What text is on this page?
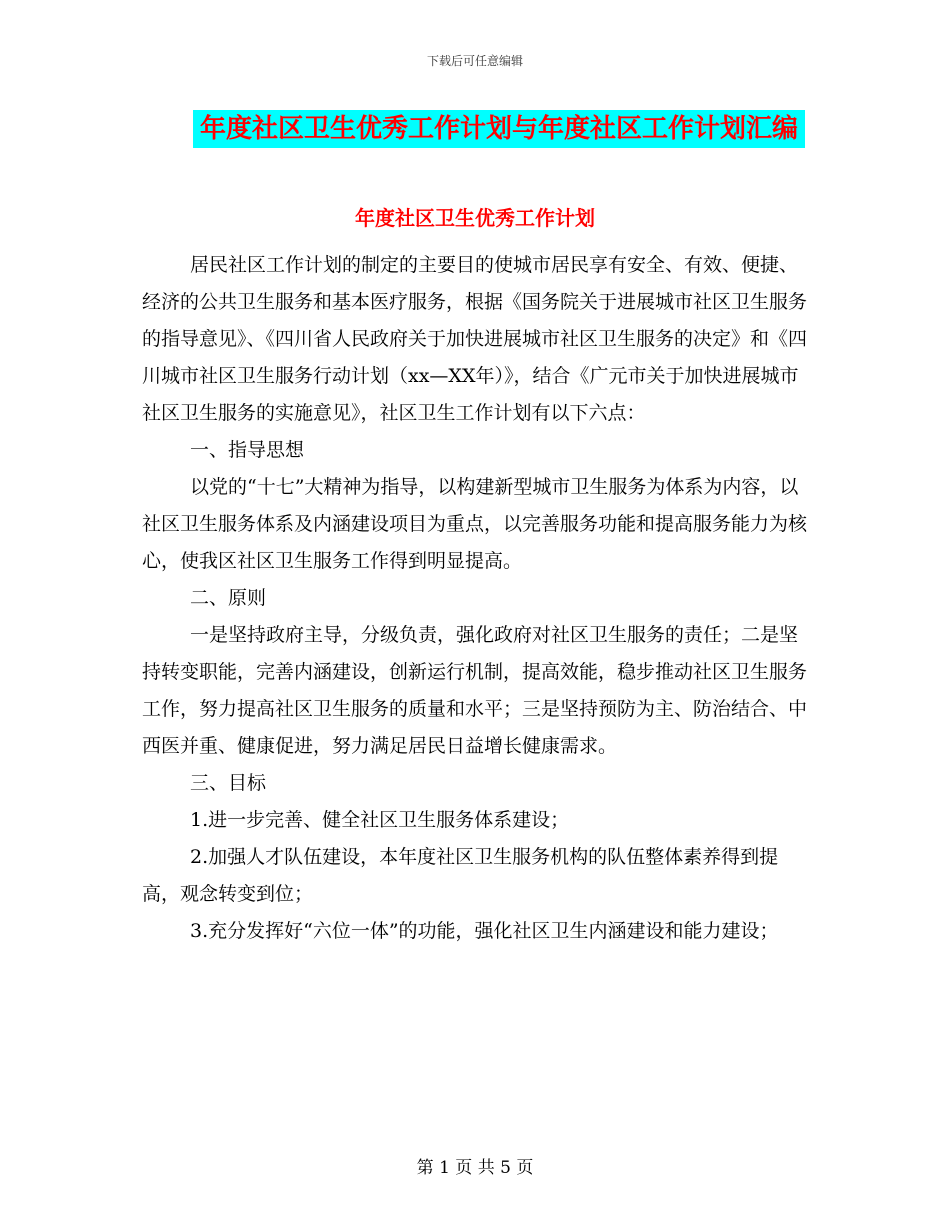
下载后可任意编辑
年度社区卫生优秀工作计划与年度社区工作计划汇编
年度社区卫生优秀工作计划

居民社区工作计划的制定的主要目的使城市居民享有安全、有效、便捷、经济的公共卫生服务和基本医疗服务，根据《国务院关于进展城市社区卫生服务的指导意见》、《四川省人民政府关于加快进展城市社区卫生服务的决定》和《四川城市社区卫生服务行动计划（xx—XX年）》，结合《广元市关于加快进展城市社区卫生服务的实施意见》，社区卫生工作计划有以下六点：

一、指导思想

以党的“十七”大精神为指导，以构建新型城市卫生服务为体系为内容，以社区卫生服务体系及内涵建设项目为重点，以完善服务功能和提高服务能力为核心，使我区社区卫生服务工作得到明显提高。

二、原则

一是坚持政府主导，分级负责，强化政府对社区卫生服务的责任；二是坚持转变职能，完善内涵建设，创新运行机制，提高效能，稳步推动社区卫生服务工作，努力提高社区卫生服务的质量和水平；三是坚持预防为主、防治结合、中西医并重、健康促进，努力满足居民日益增长健康需求。

三、目标

1.进一步完善、健全社区卫生服务体系建设；

2.加强人才队伍建设，本年度社区卫生服务机构的队伍整体素养得到提高，观念转变到位；

3.充分发挥好“六位一体”的功能，强化社区卫生内涵建设和能力建设；

第 1 页 共 5 页
